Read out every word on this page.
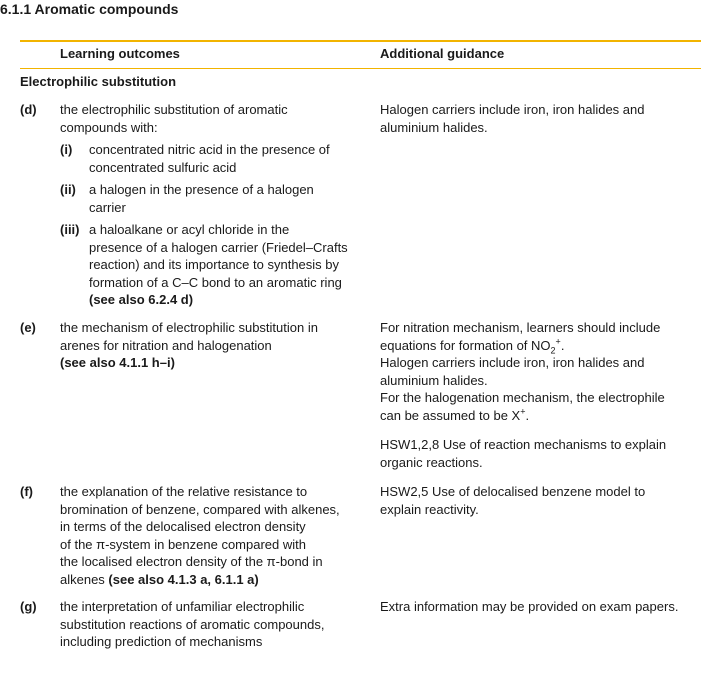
6.1.1 Aromatic compounds
Learning outcomes	Additional guidance
Electrophilic substitution
(d) the electrophilic substitution of aromatic
compounds with:
Halogen carriers include iron, iron halides and
aluminium halides.
(i) concentrated nitric acid in the presence of
concentrated sulfuric acid
(ii) a halogen in the presence of a halogen
carrier
(iii) a haloalkane or acyl chloride in the
presence of a halogen carrier (Friedel–Crafts
reaction) and its importance to synthesis by
formation of a C–C bond to an aromatic ring
(see also 6.2.4 d)
(e) the mechanism of electrophilic substitution in
arenes for nitration and halogenation
(see also 4.1.1 h–i)
For nitration mechanism, learners should include
equations for formation of $NO_2^+$.
Halogen carriers include iron, iron halides and
aluminium halides.
For the halogenation mechanism, the electrophile
can be assumed to be X+.
HSW1,2,8 Use of reaction mechanisms to explain
organic reactions.
(f) the explanation of the relative resistance to
bromination of benzene, compared with alkenes,
in terms of the delocalised electron density
of the π-system in benzene compared with
the localised electron density of the π-bond in
alkenes (see also 4.1.3 a, 6.1.1 a)
HSW2,5 Use of delocalised benzene model to
explain reactivity.
(g) the interpretation of unfamiliar electrophilic
substitution reactions of aromatic compounds,
including prediction of mechanisms
Extra information may be provided on exam papers.
